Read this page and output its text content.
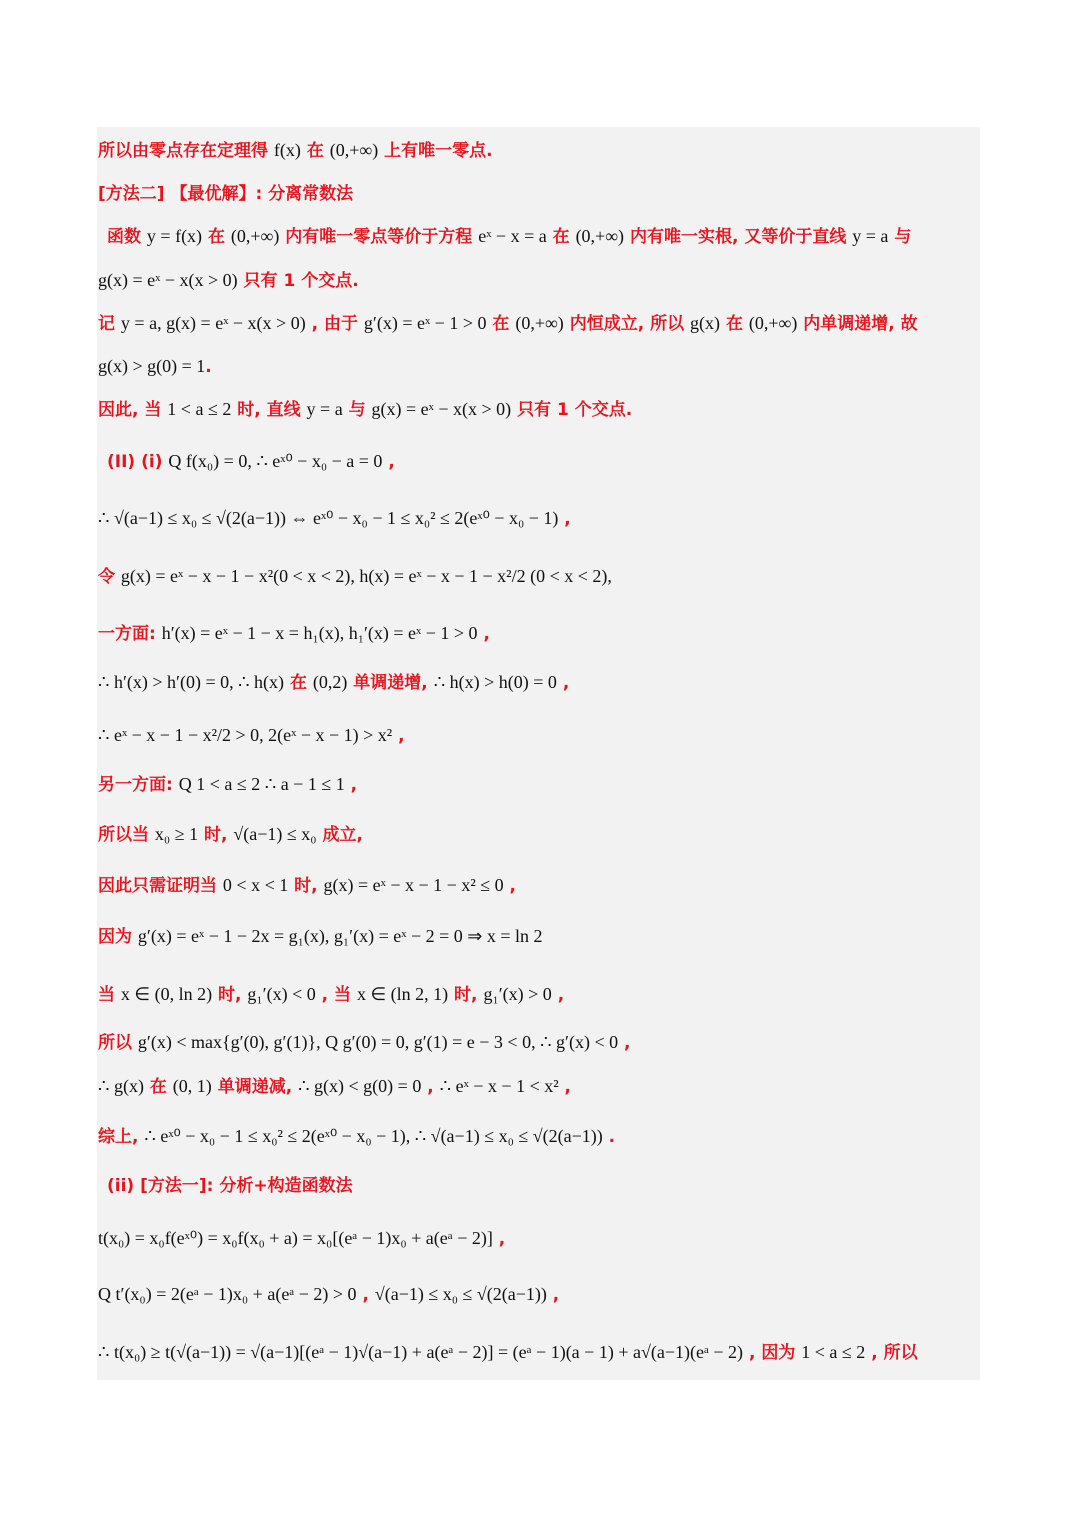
所以由零点存在定理得 f(x) 在 (0,+∞) 上有唯一零点.
[方法二] 【最优解】: 分离常数法
函数 y = f(x) 在 (0,+∞) 内有唯一零点等价于方程 eˣ − x = a 在 (0,+∞) 内有唯一实根, 又等价于直线 y = a 与
g(x) = eˣ − x(x > 0) 只有 1 个交点.
记 y = a, g(x) = eˣ − x(x > 0) , 由于 g′(x) = eˣ − 1 > 0 在 (0,+∞) 内恒成立, 所以 g(x) 在 (0,+∞) 内单调递增, 故
g(x) > g(0) = 1.
因此, 当 1 < a ≤ 2 时, 直线 y = a 与 g(x) = eˣ − x(x > 0) 只有 1 个交点.
(II) (i) Q f(x₀) = 0, ∴ eˣ⁰ − x₀ − a = 0 ,
∴ √(a−1) ≤ x₀ ≤ √(2(a−1)) ⇔ eˣ⁰ − x₀ − 1 ≤ x₀² ≤ 2(eˣ⁰ − x₀ − 1) ,
令 g(x) = eˣ − x − 1 − x²(0 < x < 2), h(x) = eˣ − x − 1 − x²/2 (0 < x < 2),
一方面: h′(x) = eˣ − 1 − x = h₁(x), h₁′(x) = eˣ − 1 > 0 ,
∴ h′(x) > h′(0) = 0, ∴ h(x) 在 (0,2) 单调递增, ∴ h(x) > h(0) = 0 ,
∴ eˣ − x − 1 − x²/2 > 0, 2(eˣ − x − 1) > x² ,
另一方面: Q 1 < a ≤ 2 ∴ a − 1 ≤ 1 ,
所以当 x₀ ≥ 1 时, √(a−1) ≤ x₀ 成立,
因此只需证明当 0 < x < 1 时, g(x) = eˣ − x − 1 − x² ≤ 0 ,
因为 g′(x) = eˣ − 1 − 2x = g₁(x), g₁′(x) = eˣ − 2 = 0 ⇒ x = ln 2
当 x ∈ (0, ln 2) 时, g₁′(x) < 0 , 当 x ∈ (ln 2, 1) 时, g₁′(x) > 0 ,
所以 g′(x) < max{g′(0), g′(1)}, Q g′(0) = 0, g′(1) = e − 3 < 0, ∴ g′(x) < 0 ,
∴ g(x) 在 (0, 1) 单调递减, ∴ g(x) < g(0) = 0 , ∴ eˣ − x − 1 < x² ,
综上, ∴ eˣ⁰ − x₀ − 1 ≤ x₀² ≤ 2(eˣ⁰ − x₀ − 1), ∴ √(a−1) ≤ x₀ ≤ √(2(a−1)) .
(ii) [方法一]: 分析+构造函数法
t(x₀) = x₀f(eˣ⁰) = x₀f(x₀ + a) = x₀[(eᵃ − 1)x₀ + a(eᵃ − 2)] ,
Q t′(x₀) = 2(eᵃ − 1)x₀ + a(eᵃ − 2) > 0 , √(a−1) ≤ x₀ ≤ √(2(a−1)) ,
∴ t(x₀) ≥ t(√(a−1)) = √(a−1)[(eᵃ − 1)√(a−1) + a(eᵃ − 2)] = (eᵃ − 1)(a − 1) + a√(a−1)(eᵃ − 2) , 因为 1 < a ≤ 2 , 所以
